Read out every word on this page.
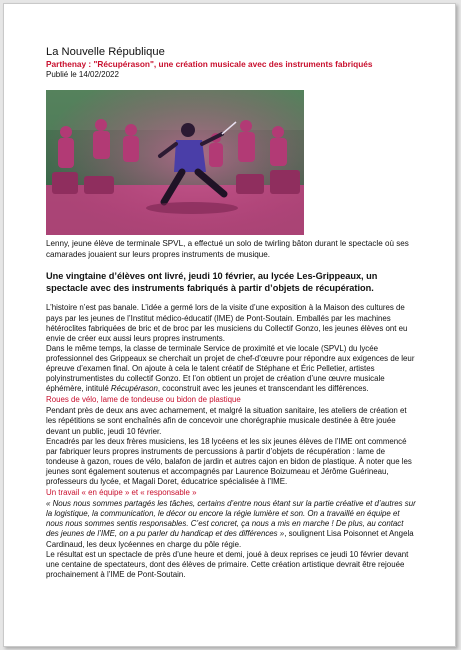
La Nouvelle République

Parthenay : "Récupérason", une création musicale avec des instruments fabriqués

Publié le 14/02/2022

Lenny, jeune élève de terminale SPVL, a effectué un solo de twirling bâton durant le spectacle où ses camarades jouaient sur leurs propres instruments de musique.

Une vingtaine d’élèves ont livré, jeudi 10 février, au lycée Les-Grippeaux, un spectacle avec des instruments fabriqués à partir d’objets de récupération.

L’histoire n’est pas banale. L’idée a germé lors de la visite d’une exposition à la Maison des cultures de pays par les jeunes de l’Institut médico-éducatif (IME) de Pont-Soutain. Emballés par les machines hétéroclites fabriquées de bric et de broc par les musiciens du Collectif Gonzo, les jeunes élèves ont eu envie de créer eux aussi leurs propres instruments.

Dans le même temps, la classe de terminale Service de proximité et vie locale (SPVL) du lycée professionnel des Grippeaux se cherchait un projet de chef-d’œuvre pour répondre aux exigences de leur épreuve d’examen final. On ajoute à cela le talent créatif de Stéphane et Éric Pelletier, artistes polyinstrumentistes du collectif Gonzo. Et l’on obtient un projet de création d’une œuvre musicale éphémère, intitulé Récupérason, coconstruit avec les jeunes et transcendant les différences.

Roues de vélo, lame de tondeuse ou bidon de plastique

Pendant près de deux ans avec acharnement, et malgré la situation sanitaire, les ateliers de création et les répétitions se sont enchaînés afin de concevoir une chorégraphie musicale destinée à être jouée devant un public, jeudi 10 février.

Encadrés par les deux frères musiciens, les 18 lycéens et les six jeunes élèves de l’IME ont commencé par fabriquer leurs propres instruments de percussions à partir d’objets de récupération : lame de tondeuse à gazon, roues de vélo, balafon de jardin et autres cajon en bidon de plastique. À noter que les jeunes sont également soutenus et accompagnés par Laurence Boizumeau et Jérôme Guérineau, professeurs du lycée, et Magali Doret, éducatrice spécialisée à l’IME.

Un travail « en équipe » et « responsable »

« Nous nous sommes partagés les tâches, certains d’entre nous étant sur la partie créative et d’autres sur la logistique, la communication, le décor ou encore la régie lumière et son. On a travaillé en équipe et nous nous sommes sentis responsables. C’est concret, ça nous a mis en marche ! De plus, au contact des jeunes de l’IME, on a pu parler du handicap et des différences », soulignent Lisa Poisonnet et Angela Cardinaud, les deux lycéennes en charge du pôle régie.

Le résultat est un spectacle de près d’une heure et demi, joué à deux reprises ce jeudi 10 février devant une centaine de spectateurs, dont des élèves de primaire. Cette création artistique devrait être rejouée prochainement à l’IME de Pont-Soutain.
